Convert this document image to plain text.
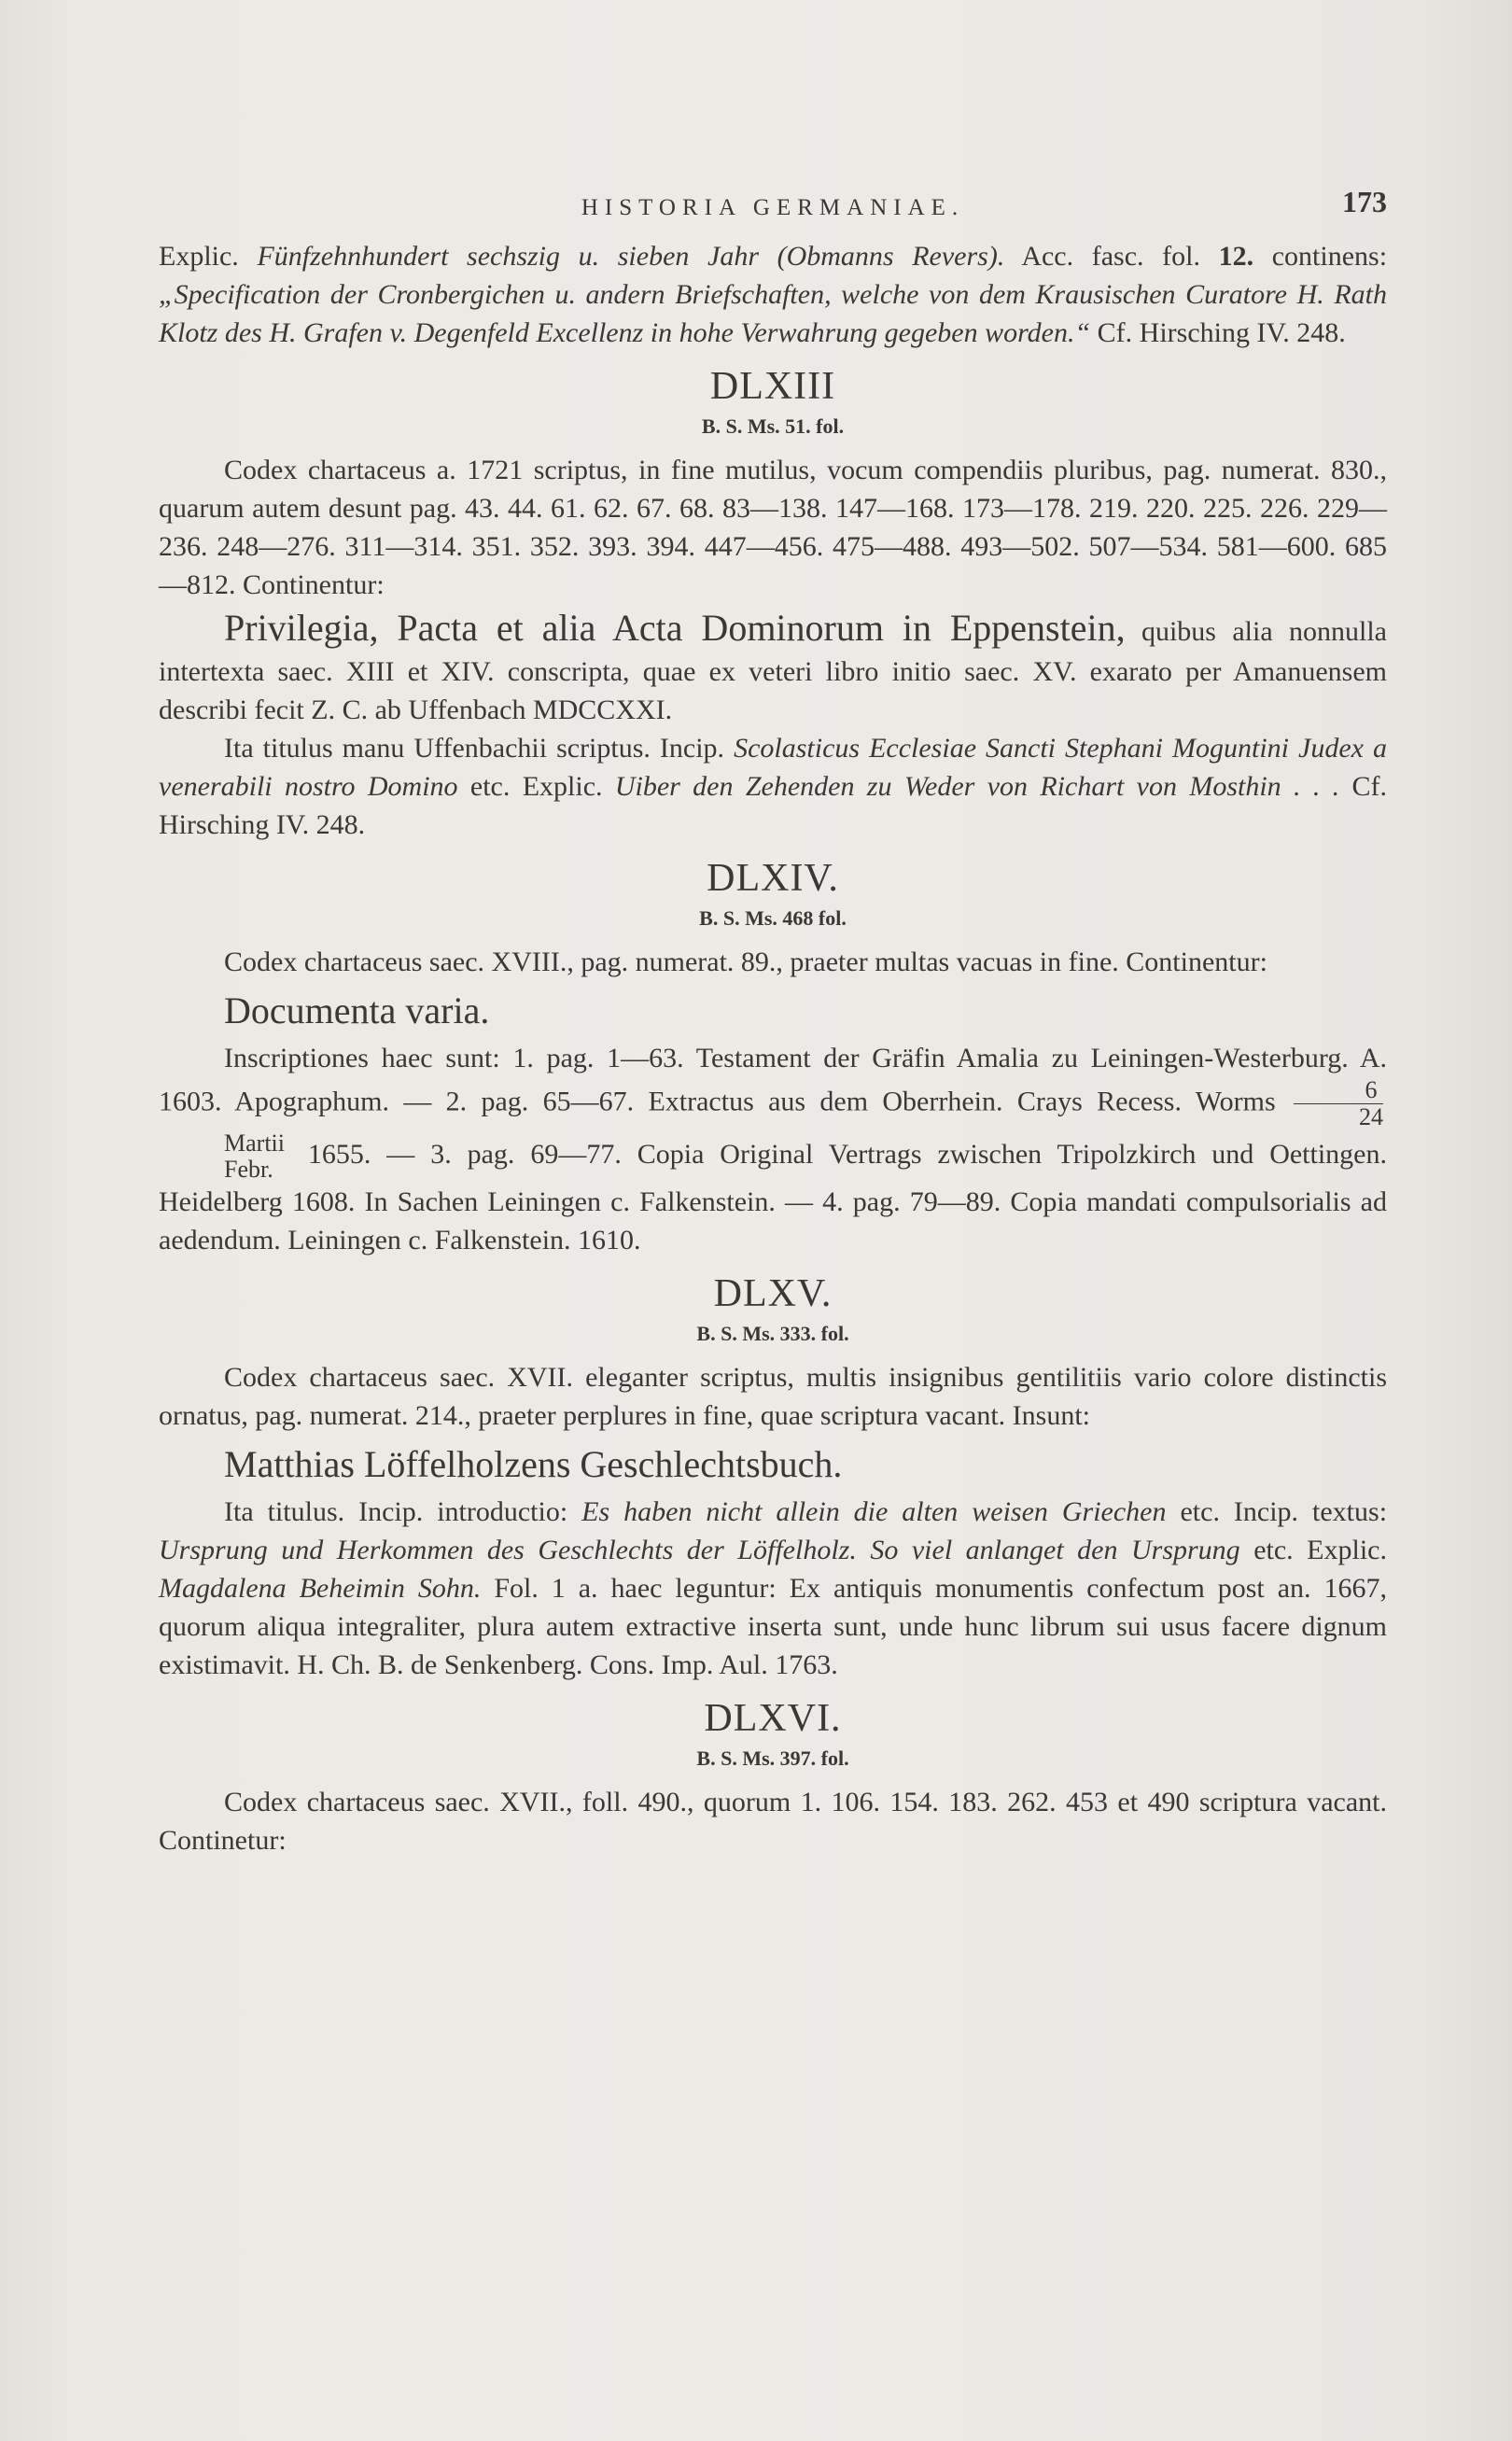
HISTORIA GERMANIAE.	173

Explic. Fünfzehnhundert sechszig u. sieben Jahr (Obmanns Revers). Acc. fasc. fol. 12. continens: „Specification der Cronbergichen u. andern Briefschaften, welche von dem Krausischen Curatore H. Rath Klotz des H. Grafen v. Degenfeld Excellenz in hohe Verwahrung gegeben worden.“ Cf. Hirsching IV. 248.

DLXIII
B. S. Ms. 51. fol.

Codex chartaceus a. 1721 scriptus, in fine mutilus, vocum compendiis pluribus, pag. numerat. 830., quarum autem desunt pag. 43. 44. 61. 62. 67. 68. 83—138. 147—168. 173—178. 219. 220. 225. 226. 229—236. 248—276. 311—314. 351. 352. 393. 394. 447—456. 475—488. 493—502. 507—534. 581—600. 685—812. Continentur:

Privilegia, Pacta et alia Acta Dominorum in Eppenstein, quibus alia nonnulla intertexta saec. XIII et XIV. conscripta, quae ex veteri libro initio saec. XV. exarato per Amanuensem describi fecit Z. C. ab Uffenbach MDCCXXI.

Ita titulus manu Uffenbachii scriptus. Incip. Scolasticus Ecclesiae Sancti Stephani Moguntini Judex a venerabili nostro Domino etc. Explic. Uiber den Zehenden zu Weder von Richart von Mosthin . . . Cf. Hirsching IV. 248.

DLXIV.
B. S. Ms. 468 fol.

Codex chartaceus saec. XVIII., pag. numerat. 89., praeter multas vacuas in fine. Continentur:

Documenta varia.

Inscriptiones haec sunt: 1. pag. 1—63. Testament der Gräfin Amalia zu Leiningen-Westerburg. A. 1603. Apographum. — 2. pag. 65—67. Extractus aus dem Oberrhein. Crays Recess. Worms $\frac{6}{24}$

Martii
Febr.	1655. — 3. pag. 69—77. Copia Original Vertrags zwischen Tripolzkirch und Oettingen. Heidelberg 1608. In Sachen Leiningen c. Falkenstein. — 4. pag. 79—89. Copia mandati compulsorialis ad aedendum. Leiningen c. Falkenstein. 1610.

DLXV.
B. S. Ms. 333. fol.

Codex chartaceus saec. XVII. eleganter scriptus, multis insignibus gentilitiis vario colore distinctis ornatus, pag. numerat. 214., praeter perplures in fine, quae scriptura vacant. Insunt:

Matthias Löffelholzens Geschlechtsbuch.

Ita titulus. Incip. introductio: Es haben nicht allein die alten weisen Griechen etc. Incip. textus: Ursprung und Herkommen des Geschlechts der Löffelholz. So viel anlanget den Ursprung etc. Explic. Magdalena Beheimin Sohn. Fol. 1 a. haec leguntur: Ex antiquis monumentis confectum post an. 1667, quorum aliqua integraliter, plura autem extractive inserta sunt, unde hunc librum sui usus facere dignum existimavit. H. Ch. B. de Senkenberg. Cons. Imp. Aul. 1763.

DLXVI.
B. S. Ms. 397. fol.

Codex chartaceus saec. XVII., foll. 490., quorum 1. 106. 154. 183. 262. 453 et 490 scriptura vacant. Continetur:
